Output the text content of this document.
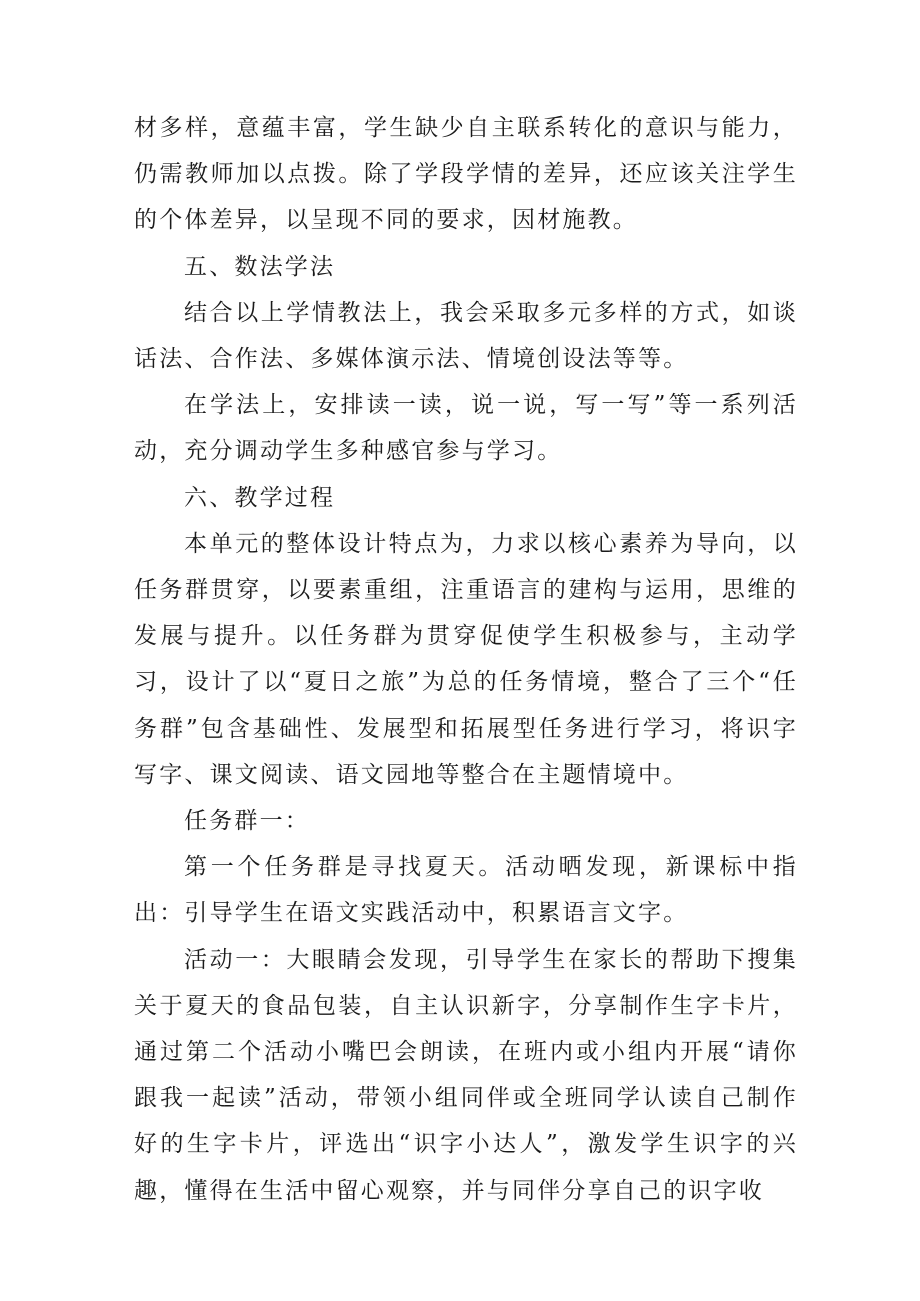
材多样，意蕴丰富，学生缺少自主联系转化的意识与能力，仍需教师加以点拨。除了学段学情的差异，还应该关注学生的个体差异，以呈现不同的要求，因材施教。

五、数法学法

结合以上学情教法上，我会采取多元多样的方式，如谈话法、合作法、多媒体演示法、情境创设法等等。

在学法上，安排读一读，说一说，写一写”等一系列活动，充分调动学生多种感官参与学习。

六、教学过程

本单元的整体设计特点为，力求以核心素养为导向，以任务群贯穿，以要素重组，注重语言的建构与运用，思维的发展与提升。以任务群为贯穿促使学生积极参与，主动学习，设计了以“夏日之旅”为总的任务情境，整合了三个“任务群”包含基础性、发展型和拓展型任务进行学习，将识字写字、课文阅读、语文园地等整合在主题情境中。

任务群一：

第一个任务群是寻找夏天。活动晒发现，新课标中指出：引导学生在语文实践活动中，积累语言文字。

活动一：大眼睛会发现，引导学生在家长的帮助下搜集关于夏天的食品包装，自主认识新字，分享制作生字卡片，通过第二个活动小嘴巴会朗读，在班内或小组内开展“请你跟我一起读”活动，带领小组同伴或全班同学认读自己制作好的生字卡片，评选出“识字小达人”，激发学生识字的兴趣，懂得在生活中留心观察，并与同伴分享自己的识字收
